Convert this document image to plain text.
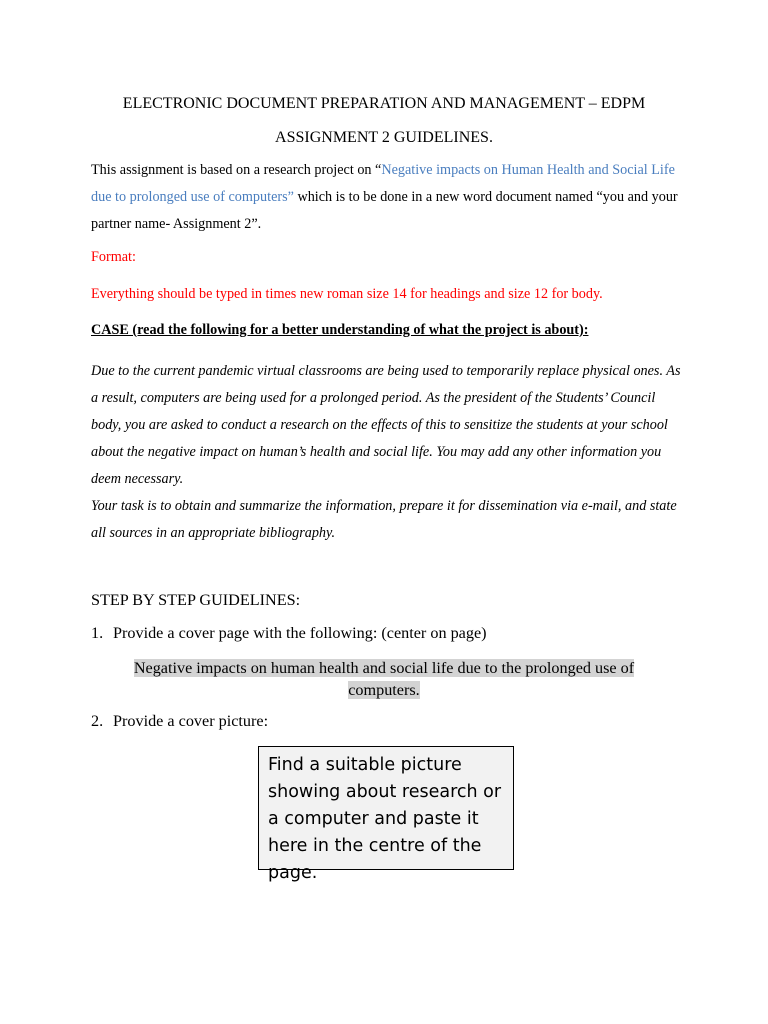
ELECTRONIC DOCUMENT PREPARATION AND MANAGEMENT – EDPM
ASSIGNMENT 2 GUIDELINES.
This assignment is based on a research project on “Negative impacts on Human Health and Social Life due to prolonged use of computers” which is to be done in a new word document named “you and your partner name- Assignment 2”.
Format:
Everything should be typed in times new roman size 14 for headings and size 12 for body.
CASE (read the following for a better understanding of what the project is about):

Due to the current pandemic virtual classrooms are being used to temporarily replace physical ones. As a result, computers are being used for a prolonged period. As the president of the Students’ Council body, you are asked to conduct a research on the effects of this to sensitize the students at your school about the negative impact on human’s health and social life. You may add any other information you deem necessary.

Your task is to obtain and summarize the information, prepare it for dissemination via e-mail, and state all sources in an appropriate bibliography.

STEP BY STEP GUIDELINES:
1. Provide a cover page with the following: (center on page)
Negative impacts on human health and social life due to the prolonged use of computers.
2. Provide a cover picture:
Find a suitable picture showing about research or a computer and paste it here in the centre of the page.
